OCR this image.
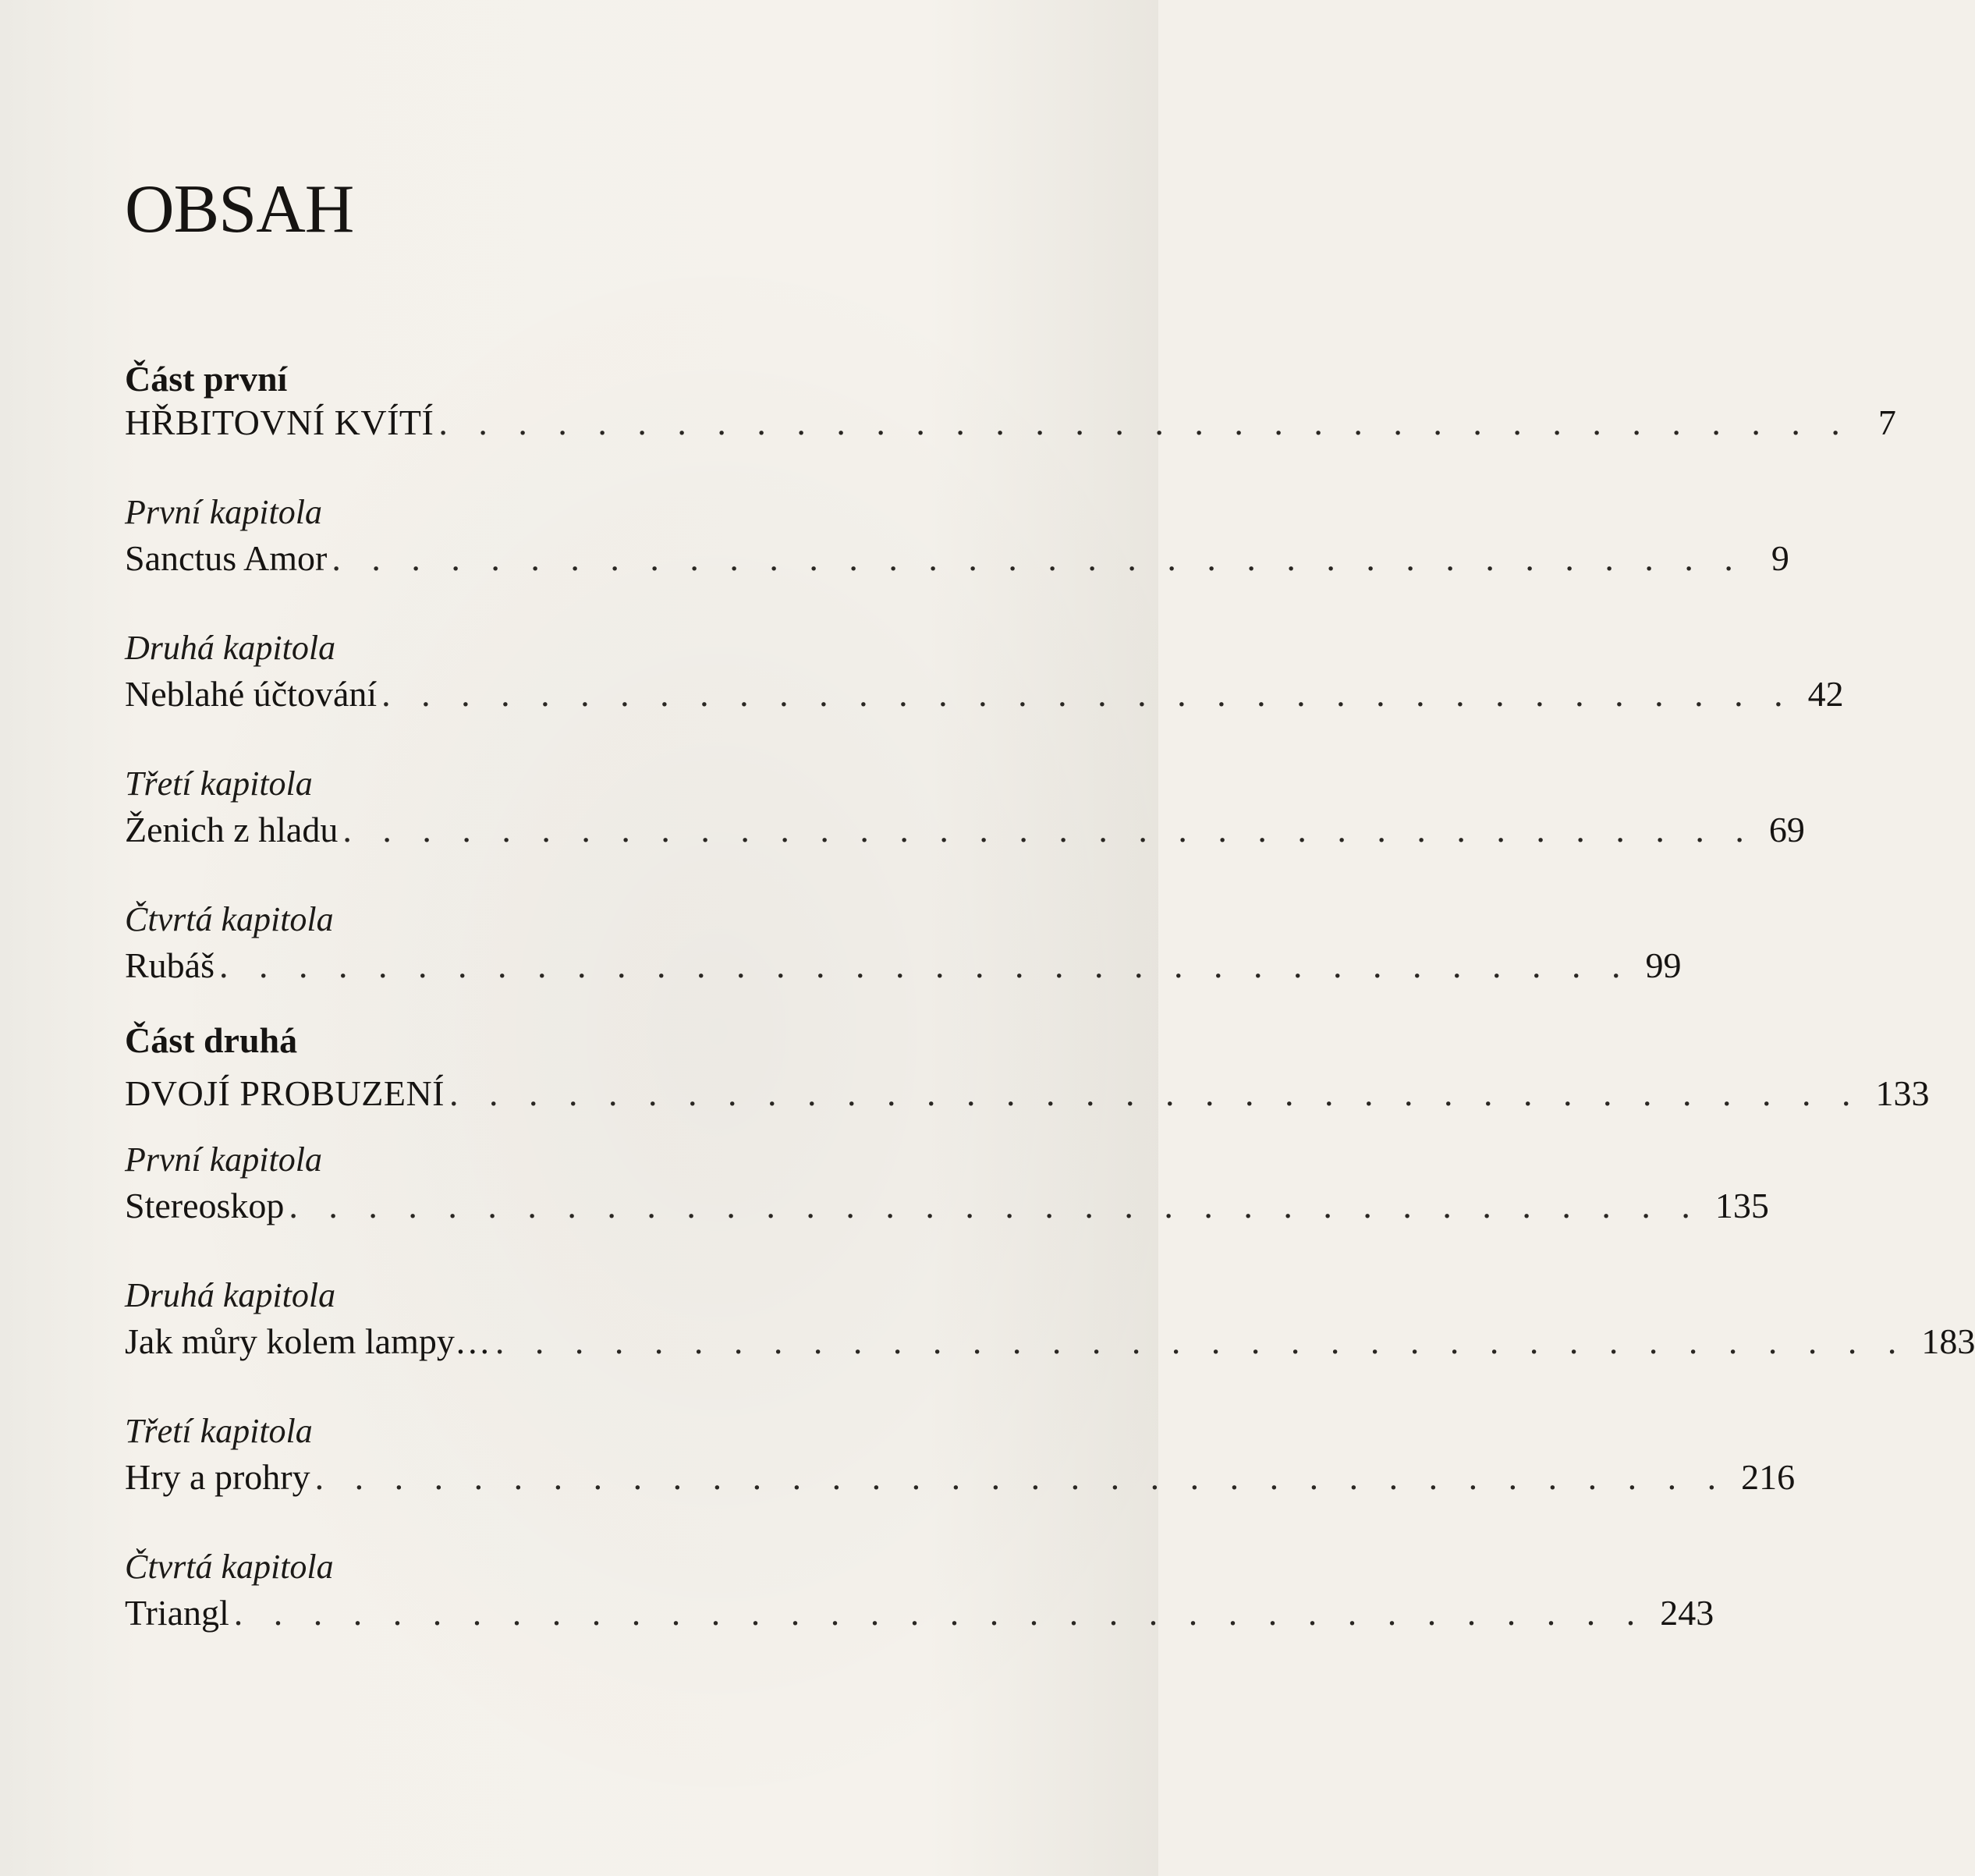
OBSAH

Část první

HŘBITOVNÍ KVÍTÍ . . . . . . . . . . . . . . . . . . . . . . . . . . . . . . . . . . . . 7

První kapitola

Sanctus Amor . . . . . . . . . . . . . . . . . . . . . . . . . . . . . . . . . . . . 9

Druhá kapitola

Neblahé účtování . . . . . . . . . . . . . . . . . . . . . . . . . . . . . . . . . . . . 42

Třetí kapitola

Ženich z hladu . . . . . . . . . . . . . . . . . . . . . . . . . . . . . . . . . . . . 69

Čtvrtá kapitola

Rubáš . . . . . . . . . . . . . . . . . . . . . . . . . . . . . . . . . . . . 99

Část druhá

DVOJÍ PROBUZENÍ . . . . . . . . . . . . . . . . . . . . . . . . . . . . . . . . . . . . 133

První kapitola

Stereoskop . . . . . . . . . . . . . . . . . . . . . . . . . . . . . . . . . . . . 135

Druhá kapitola

Jak můry kolem lampy… . . . . . . . . . . . . . . . . . . . . . . . . . . . . . . . . . . . . 183

Třetí kapitola

Hry a prohry . . . . . . . . . . . . . . . . . . . . . . . . . . . . . . . . . . . . 216

Čtvrtá kapitola

Triangl . . . . . . . . . . . . . . . . . . . . . . . . . . . . . . . . . . . . 243
